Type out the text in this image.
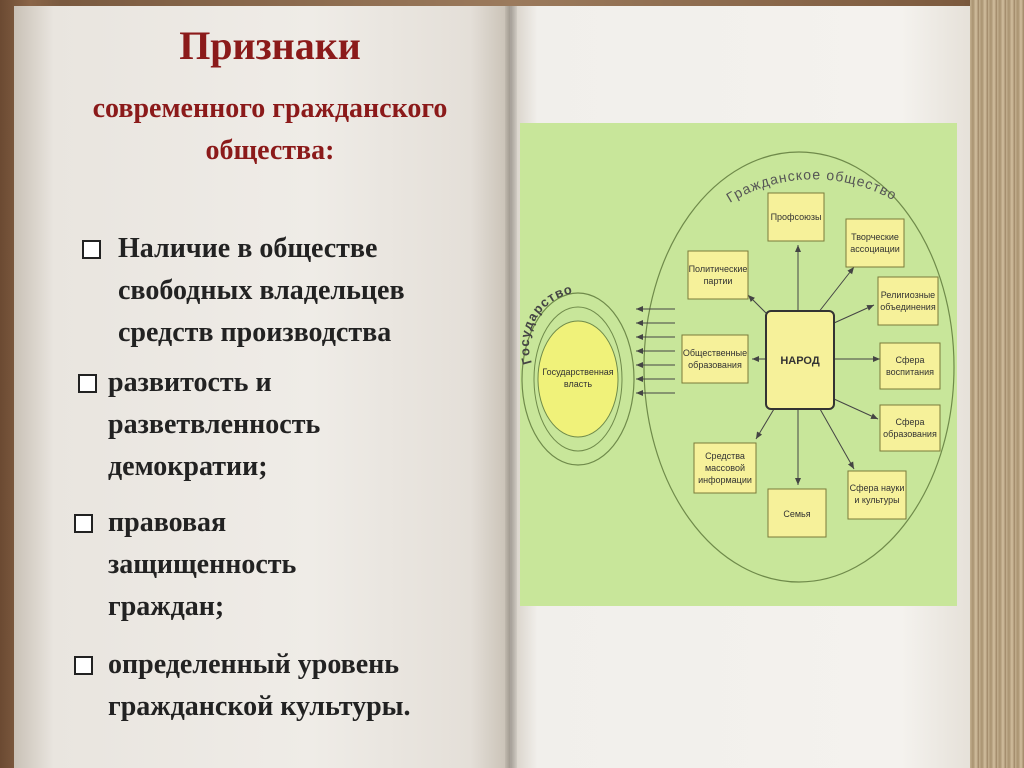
Признаки
современного гражданского
общества:
Наличие в обществе
свободных владельцев
средств производства
развитость и
разветвленность
демократии;
правовая
защищенность
граждан;
определенный уровень
гражданской культуры.
Гражданское общество
дарство
Государственная
власть
НАРОД
Профсоюзы
Творческие
ассоциации
Политические
партии
Религиозные
объединения
Общественные
образования	Сфера
воспитания
Сфера
образования
Средства
массовой
информации
Семья
Сфера науки
и культуры
